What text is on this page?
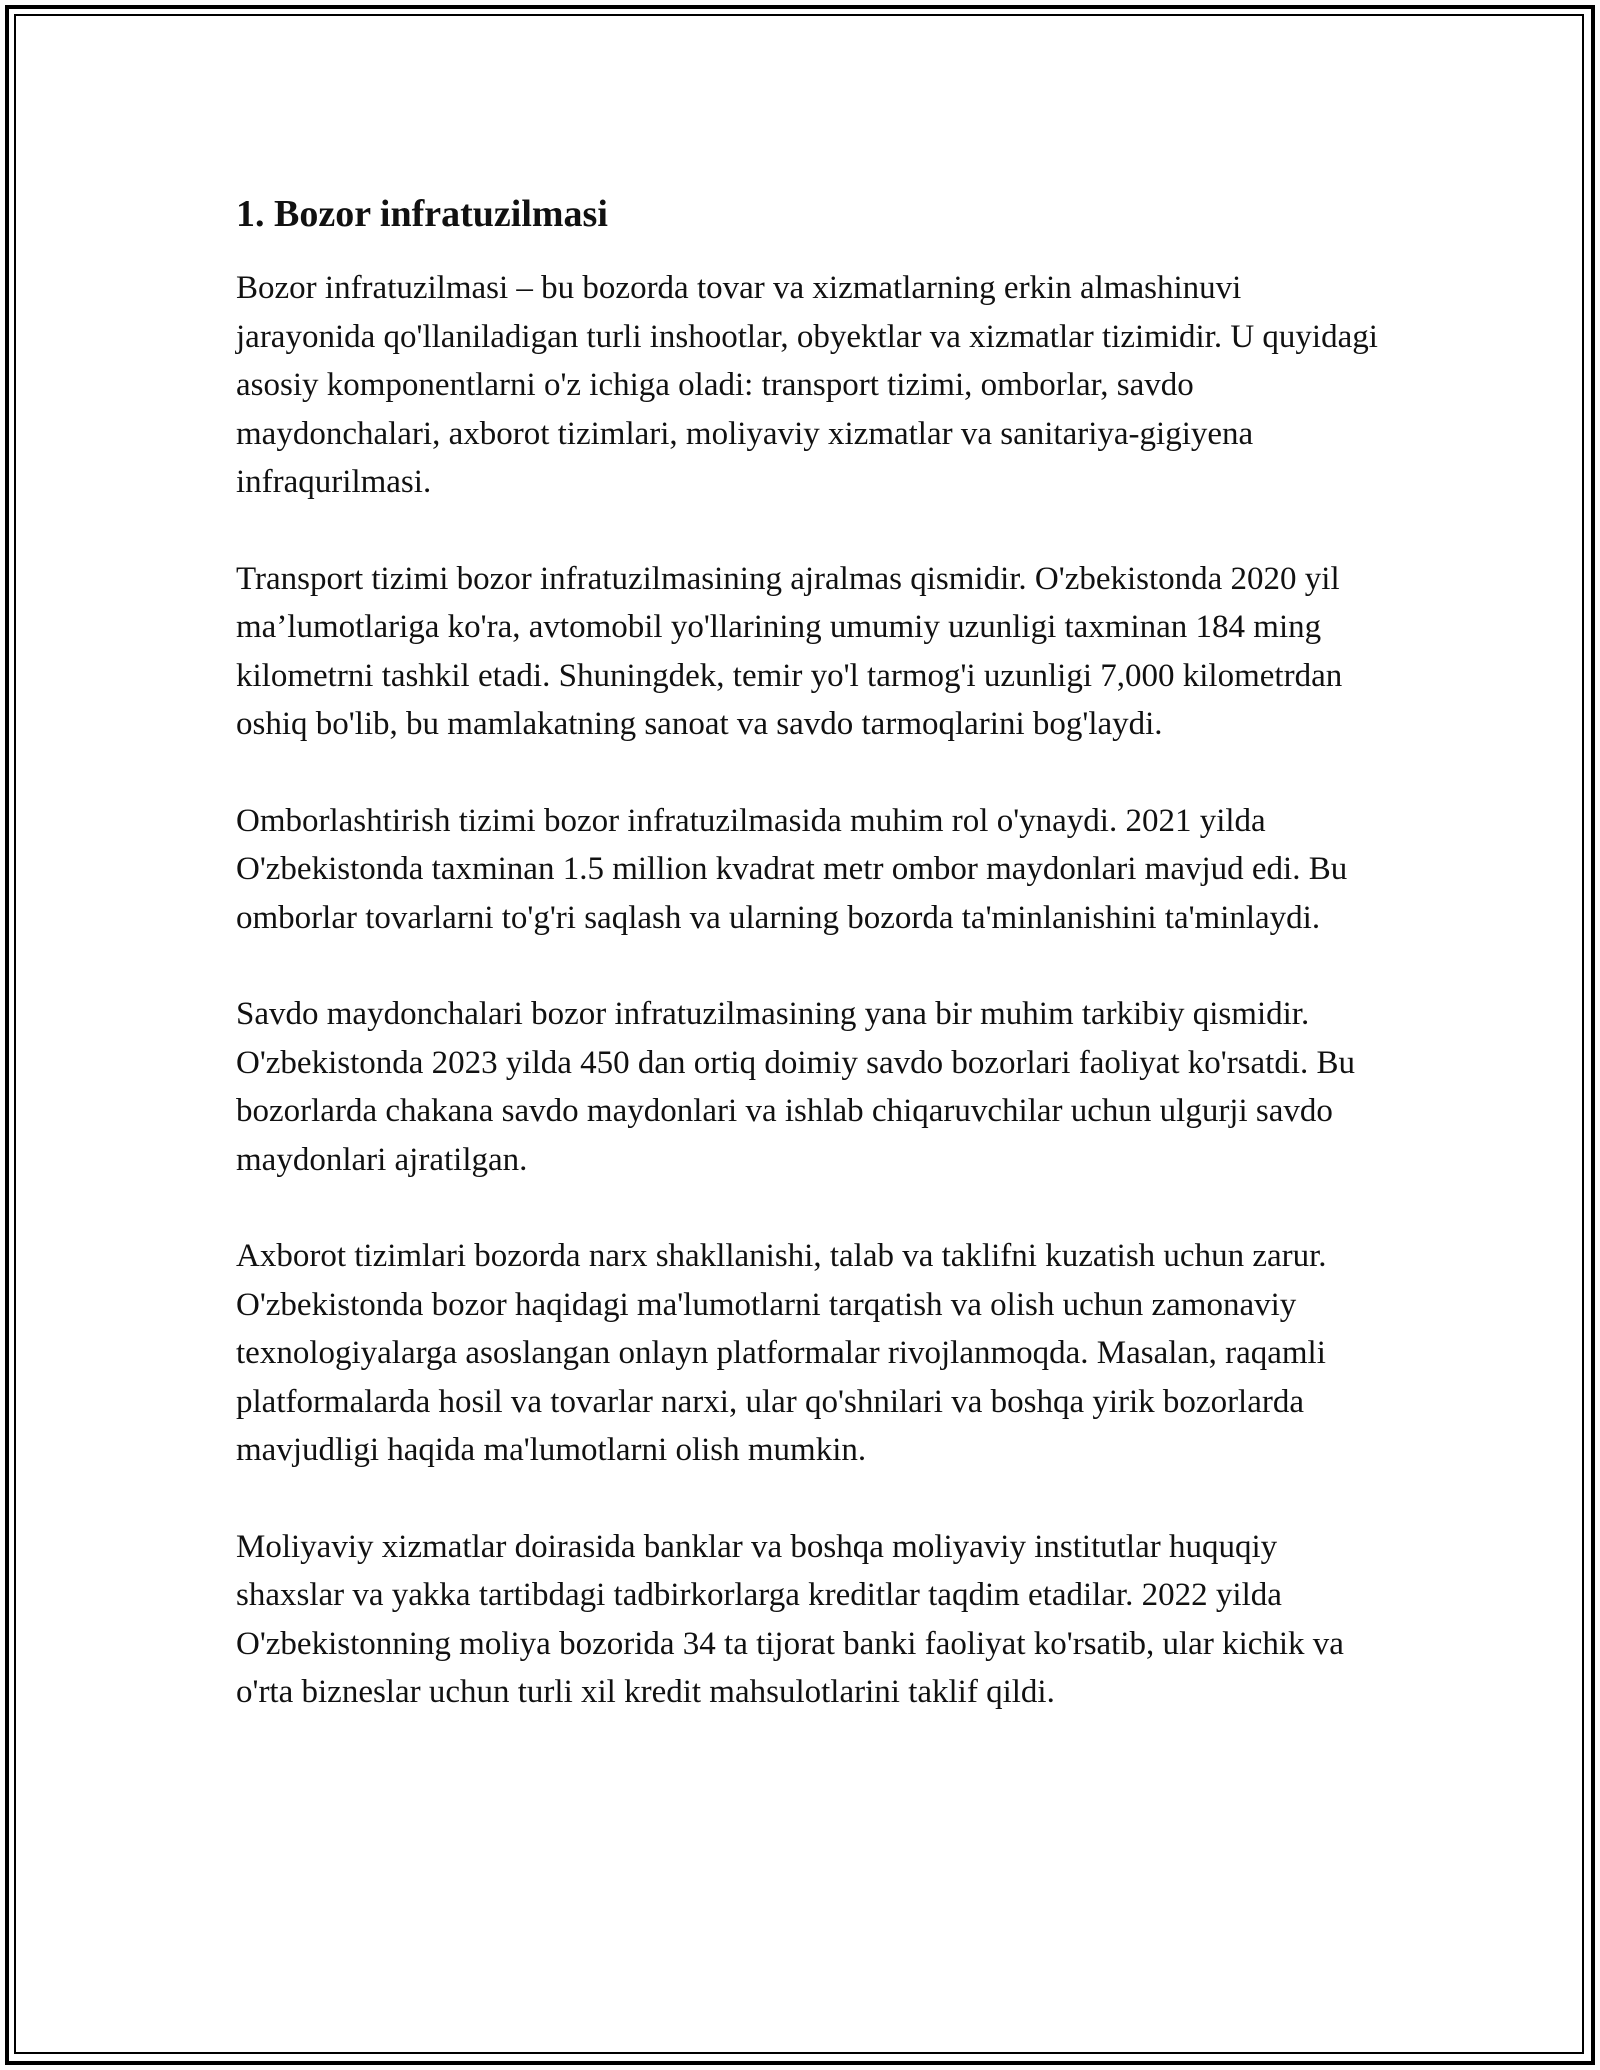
1. Bozor infratuzilmasi

Bozor infratuzilmasi – bu bozorda tovar va xizmatlarning erkin almashinuvi jarayonida qo'llaniladigan turli inshootlar, obyektlar va xizmatlar tizimidir. U quyidagi asosiy komponentlarni o'z ichiga oladi: transport tizimi, omborlar, savdo maydonchalari, axborot tizimlari, moliyaviy xizmatlar va sanitariya-gigiyena infraqurilmasi.

Transport tizimi bozor infratuzilmasining ajralmas qismidir. O'zbekistonda 2020 yil ma’lumotlariga ko'ra, avtomobil yo'llarining umumiy uzunligi taxminan 184 ming kilometrni tashkil etadi. Shuningdek, temir yo'l tarmog'i uzunligi 7,000 kilometrdan oshiq bo'lib, bu mamlakatning sanoat va savdo tarmoqlarini bog'laydi.

Omborlashtirish tizimi bozor infratuzilmasida muhim rol o'ynaydi. 2021 yilda O'zbekistonda taxminan 1.5 million kvadrat metr ombor maydonlari mavjud edi. Bu omborlar tovarlarni to'g'ri saqlash va ularning bozorda ta'minlanishini ta'minlaydi.

Savdo maydonchalari bozor infratuzilmasining yana bir muhim tarkibiy qismidir. O'zbekistonda 2023 yilda 450 dan ortiq doimiy savdo bozorlari faoliyat ko'rsatdi. Bu bozorlarda chakana savdo maydonlari va ishlab chiqaruvchilar uchun ulgurji savdo maydonlari ajratilgan.

Axborot tizimlari bozorda narx shakllanishi, talab va taklifni kuzatish uchun zarur. O'zbekistonda bozor haqidagi ma'lumotlarni tarqatish va olish uchun zamonaviy texnologiyalarga asoslangan onlayn platformalar rivojlanmoqda. Masalan, raqamli platformalarda hosil va tovarlar narxi, ular qo'shnilari va boshqa yirik bozorlarda mavjudligi haqida ma'lumotlarni olish mumkin.

Moliyaviy xizmatlar doirasida banklar va boshqa moliyaviy institutlar huquqiy shaxslar va yakka tartibdagi tadbirkorlarga kreditlar taqdim etadilar. 2022 yilda O'zbekistonning moliya bozorida 34 ta tijorat banki faoliyat ko'rsatib, ular kichik va o'rta bizneslar uchun turli xil kredit mahsulotlarini taklif qildi.
